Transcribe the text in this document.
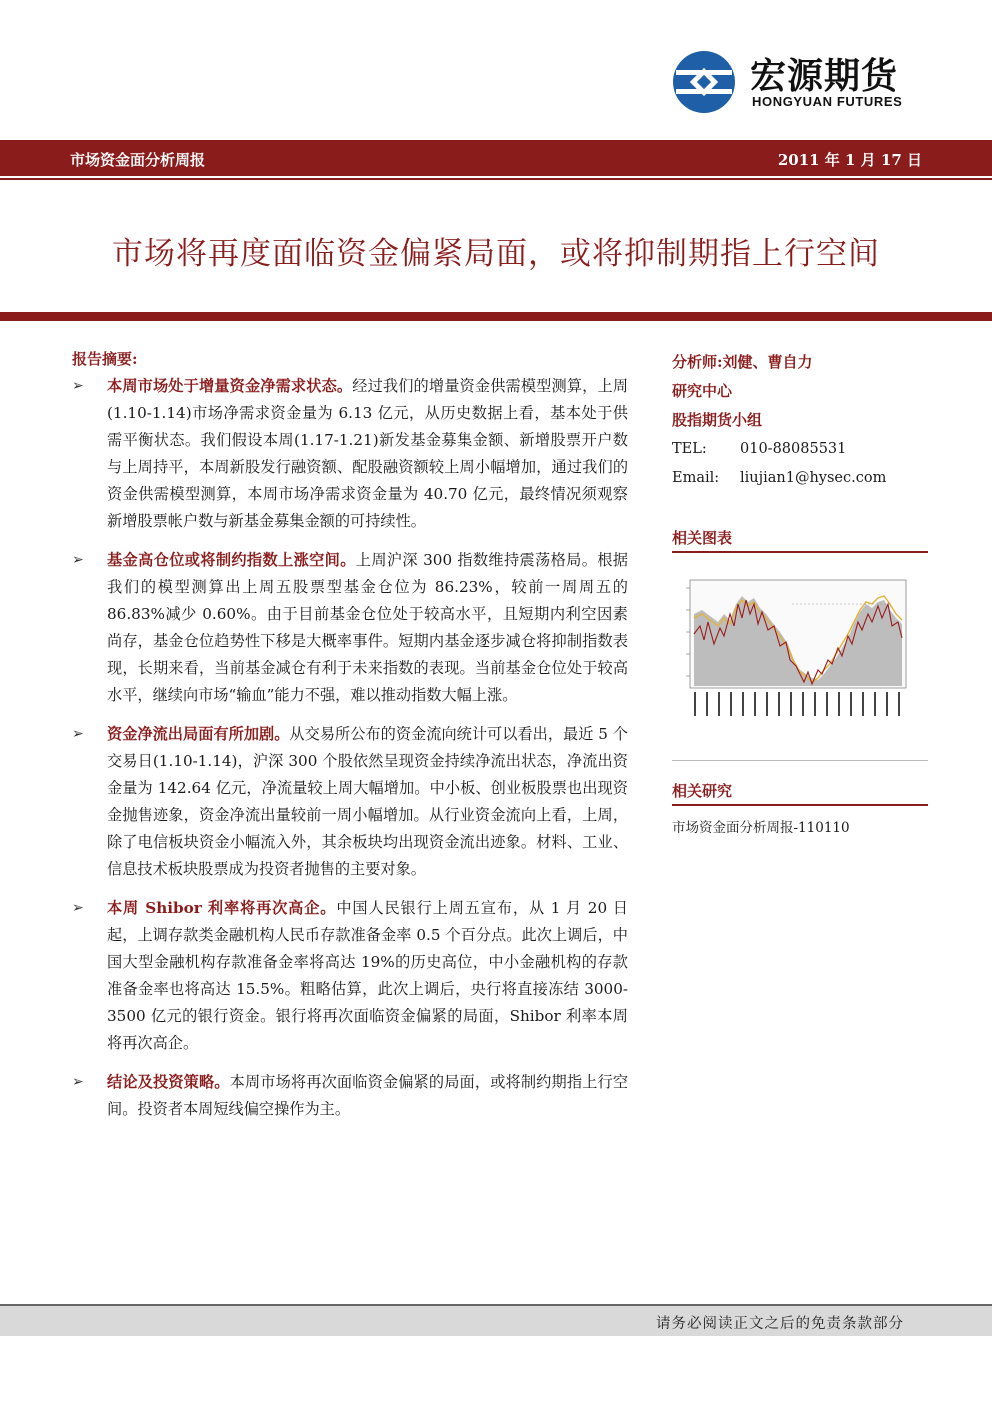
宏源期货
HONGYUAN FUTURES
市场资金面分析周报	2011 年 1 月 17 日
市场将再度面临资金偏紧局面，或将抑制期指上行空间
报告摘要:
➢ 本周市场处于增量资金净需求状态。经过我们的增量资金供需模型测算，上周(1.10-1.14)市场净需求资金量为 6.13 亿元，从历史数据上看，基本处于供需平衡状态。我们假设本周(1.17-1.21)新发基金募集金额、新增股票开户数与上周持平，本周新股发行融资额、配股融资额较上周小幅增加，通过我们的资金供需模型测算，本周市场净需求资金量为 40.70 亿元，最终情况须观察新增股票帐户数与新基金募集金额的可持续性。
➢ 基金高仓位或将制约指数上涨空间。上周沪深 300 指数维持震荡格局。根据我们的模型测算出上周五股票型基金仓位为 86.23%，较前一周周五的 86.83%减少 0.60%。由于目前基金仓位处于较高水平，且短期内利空因素尚存，基金仓位趋势性下移是大概率事件。短期内基金逐步减仓将抑制指数表现，长期来看，当前基金减仓有利于未来指数的表现。当前基金仓位处于较高水平，继续向市场“输血”能力不强，难以推动指数大幅上涨。
➢ 资金净流出局面有所加剧。从交易所公布的资金流向统计可以看出，最近 5 个交易日(1.10-1.14)，沪深 300 个股依然呈现资金持续净流出状态，净流出资金量为 142.64 亿元，净流量较上周大幅增加。中小板、创业板股票也出现资金抛售迹象，资金净流出量较前一周小幅增加。从行业资金流向上看，上周，除了电信板块资金小幅流入外，其余板块均出现资金流出迹象。材料、工业、信息技术板块股票成为投资者抛售的主要对象。
➢ 本周 Shibor 利率将再次高企。中国人民银行上周五宣布，从 1 月 20 日起，上调存款类金融机构人民币存款准备金率 0.5 个百分点。此次上调后，中国大型金融机构存款准备金率将高达 19%的历史高位，中小金融机构的存款准备金率也将高达 15.5%。粗略估算，此次上调后，央行将直接冻结 3000-3500 亿元的银行资金。银行将再次面临资金偏紧的局面，Shibor 利率本周将再次高企。
➢ 结论及投资策略。本周市场将再次面临资金偏紧的局面，或将制约期指上行空间。投资者本周短线偏空操作为主。
分析师:刘健、曹自力
研究中心
股指期货小组
TEL: 010-88085531
Email: liujian1@hysec.com
相关图表
相关研究
市场资金面分析周报-110110
请务必阅读正文之后的免责条款部分
